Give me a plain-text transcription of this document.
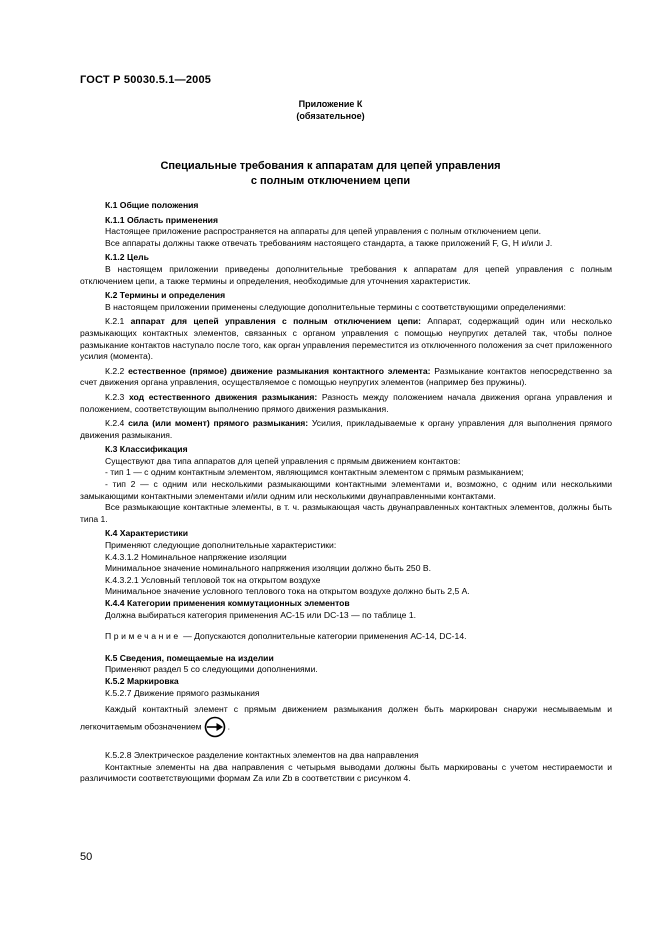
ГОСТ Р 50030.5.1—2005
Приложение К
(обязательное)
Специальные требования к аппаратам для цепей управления
с полным отключением цепи

К.1 Общие положения

К.1.1 Область применения

Настоящее приложение распространяется на аппараты для цепей управления с полным отключением цепи.

Все аппараты должны также отвечать требованиям настоящего стандарта, а также приложений F, G, H и/или J.

К.1.2 Цель

В настоящем приложении приведены дополнительные требования к аппаратам для цепей управления с полным отключением цепи, а также термины и определения, необходимые для уточнения характеристик.

К.2 Термины и определения

В настоящем приложении применены следующие дополнительные термины с соответствующими определениями:

К.2.1 аппарат для цепей управления с полным отключением цепи: Аппарат, содержащий один или несколько размыкающих контактных элементов, связанных с органом управления с помощью неупругих деталей так, чтобы полное размыкание контактов наступало после того, как орган управления переместится из отключенного положения за счет приложенного усилия (момента).

К.2.2 естественное (прямое) движение размыкания контактного элемента: Размыкание контактов непосредственно за счет движения органа управления, осуществляемое с помощью неупругих элементов (например без пружины).

К.2.3 ход естественного движения размыкания: Разность между положением начала движения органа управления и положением, соответствующим выполнению прямого движения размыкания.

К.2.4 сила (или момент) прямого размыкания: Усилия, прикладываемые к органу управления для выполнения прямого движения размыкания.

К.3 Классификация

Существуют два типа аппаратов для цепей управления с прямым движением контактов:

- тип 1 — с одним контактным элементом, являющимся контактным элементом с прямым размыканием;

- тип 2 — с одним или несколькими размыкающими контактными элементами и, возможно, с одним или несколькими замыкающими контактными элементами и/или одним или несколькими двунаправленными контактами.

Все размыкающие контактные элементы, в т. ч. размыкающая часть двунаправленных контактных элементов, должны быть типа 1.

К.4 Характеристики

Применяют следующие дополнительные характеристики:

К.4.3.1.2 Номинальное напряжение изоляции

Минимальное значение номинального напряжения изоляции должно быть 250 В.

К.4.3.2.1 Условный тепловой ток на открытом воздухе

Минимальное значение условного теплового тока на открытом воздухе должно быть 2,5 А.

К.4.4 Категории применения коммутационных элементов

Должна выбираться категория применения АС-15 или DC-13 — по таблице 1.

Примечание — Допускаются дополнительные категории применения АС-14, DC-14.

К.5 Сведения, помещаемые на изделии

Применяют раздел 5 со следующими дополнениями.

К.5.2 Маркировка

К.5.2.7 Движение прямого размыкания

Каждый контактный элемент с прямым движением размыкания должен быть маркирован снаружи несмываемым и легкочитаемым обозначением	.

К.5.2.8 Электрическое разделение контактных элементов на два направления

Контактные элементы на два направления с четырьмя выводами должны быть маркированы с учетом нестираемости и различимости соответствующими формам Za или Zb в соответствии с рисунком 4.

50
